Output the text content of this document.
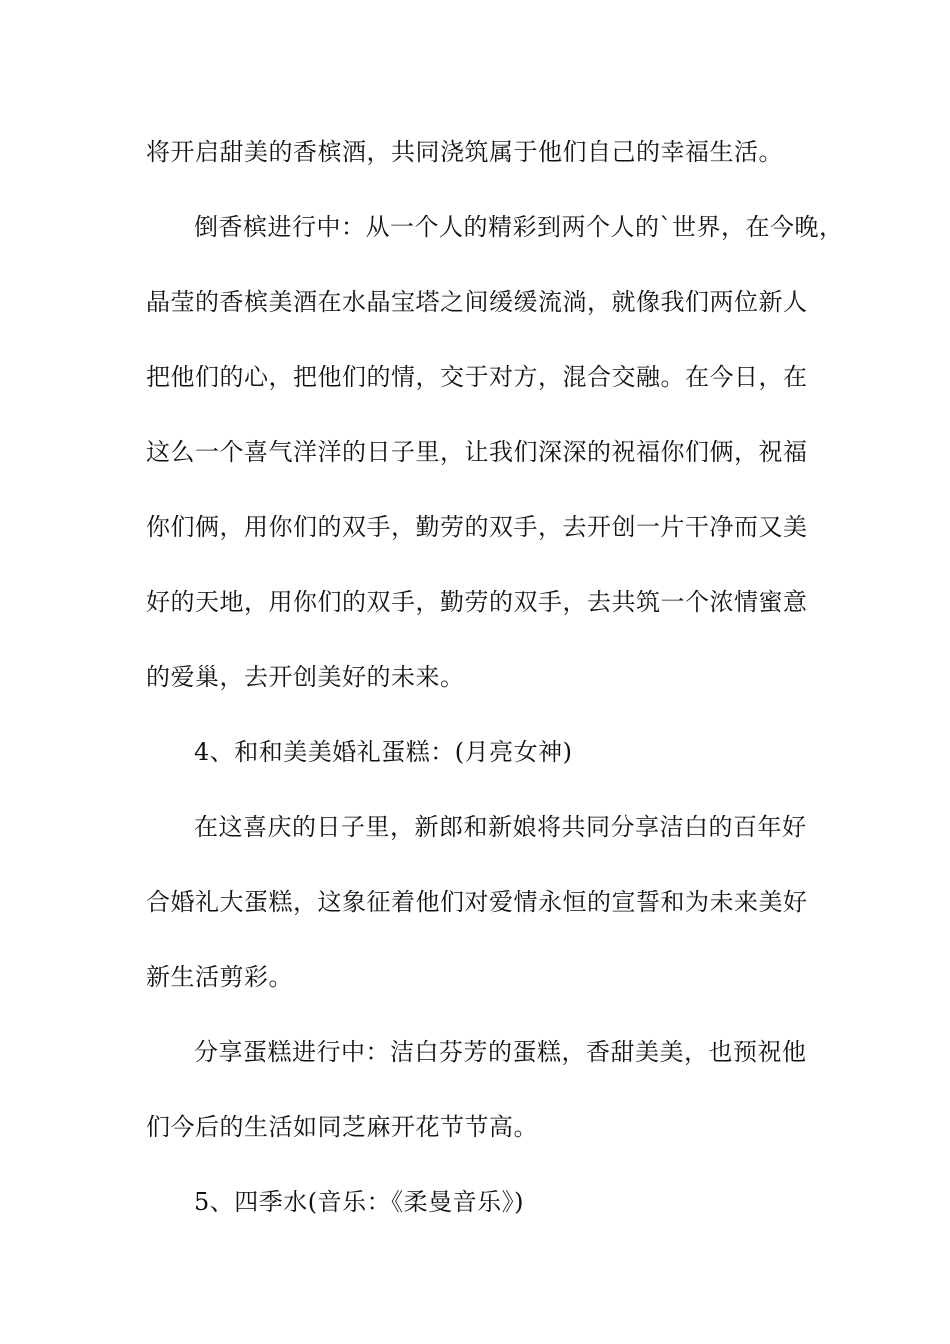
将开启甜美的香槟酒，共同浇筑属于他们自己的幸福生活。
倒香槟进行中：从一个人的精彩到两个人的`世界，在今晚，
晶莹的香槟美酒在水晶宝塔之间缓缓流淌，就像我们两位新人
把他们的心，把他们的情，交于对方，混合交融。在今日，在
这么一个喜气洋洋的日子里，让我们深深的祝福你们俩，祝福
你们俩，用你们的双手，勤劳的双手，去开创一片干净而又美
好的天地，用你们的双手，勤劳的双手，去共筑一个浓情蜜意
的爱巢，去开创美好的未来。
4、和和美美婚礼蛋糕：(月亮女神)
在这喜庆的日子里，新郎和新娘将共同分享洁白的百年好
合婚礼大蛋糕，这象征着他们对爱情永恒的宣誓和为未来美好
新生活剪彩。
分享蛋糕进行中：洁白芬芳的蛋糕，香甜美美，也预祝他
们今后的生活如同芝麻开花节节高。
5、四季水(音乐：《柔曼音乐》)
